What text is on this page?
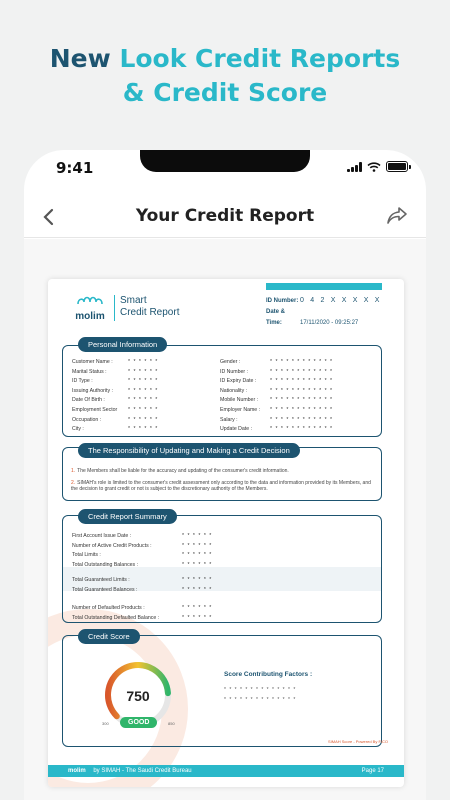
New Look Credit Reports
& Credit Score
9:41
Your Credit Report
molim
Smart
Credit Report
ID Number: 0 4 2 X X X X X
Date & Time:	17/11/2020 - 09:25:27
Personal Information
1. The Members shall be liable for the accuracy and updating of the consumer's credit information.
2. SIMAH's role is limited to the consumer's credit assessment only according to the data and information provided by its Members, and the decision to grant credit or not is subject to the discretionary authority of the Members.
The Responsibility of Updating and Making a Credit Decision
Credit Report Summary
Credit Score
750
300	850
GOOD
Score Contributing Factors :
* * * * * * * * * * * * * *
* * * * * * * * * * * * * *
SIMAH Score - Powered By FICO
molim by SIMAH - The Saudi Credit Bureau	Page 17
Customer Name :	* * * * * *
Marital Status :	* * * * * *
ID Type :	* * * * * *
Issuing Authority :	* * * * * *
Date Of Birth :	* * * * * *
Employment Sector * * * * * *
Occupation :	* * * * * *
City :	* * * * * *
Gender :	* * * * * * * * * * * *
ID Number :	* * * * * * * * * * * *
ID Expiry Date :	* * * * * * * * * * * *
Nationality :	* * * * * * * * * * * *
Mobile Number : * * * * * * * * * * * *
Employer Name : * * * * * * * * * * * *
Salary :	* * * * * * * * * * * *
Update Date :	* * * * * * * * * * * *
First Account Issue Date :	* * * * * *
Number of Active Credit Products :	* * * * * *
Total Limits :	* * * * * *
Total Outstanding Balances :	* * * * * *
Total Guaranteed Limits :	* * * * * *
Total Guaranteed Balances :	* * * * * *
Number of Defaulted Products :	* * * * * *
Total Outstanding Defaulted Balance :	* * * * * *
